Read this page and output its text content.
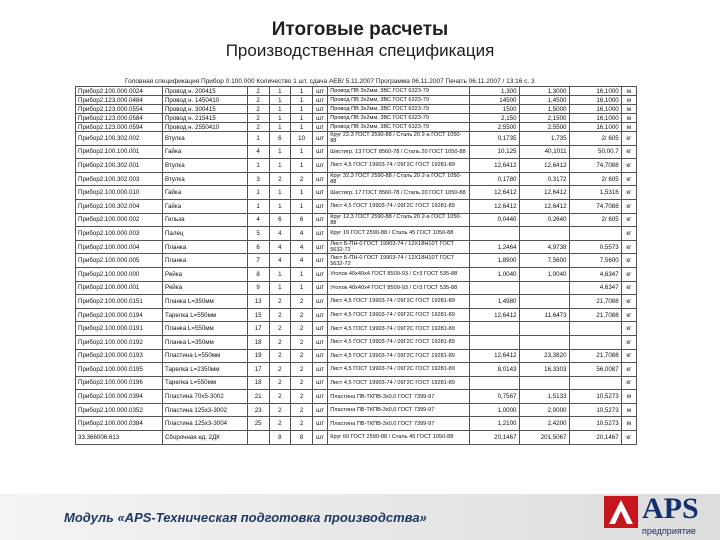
Итоговые расчеты
Производственная спецификация
Головная спецификация Прибор 0.100.000 Количество 1 шт. сдача АЕВ/ 5.11.2007 Программа 06.11.2007 Печать 06.11.2007 / 13:16 с. 3
Прибор2.100.000.0024	Провод н. 200415	2	1	1	шт	Провод ПВ 3х2мм, 3ВС ГОСТ 6323-79	1,300	1,3000	16,1000	м
Прибор2.123.000.0484	Провод н. 1450410	2	1	1	шт	Провод ПВ 3х2мм, 3ВС ГОСТ 6323-79	14500	1,4500	16,1000	м
Прибор2.123.000.0554	Провод н. 300415	2	1	1	шт	Провод ПВ 3х2мм, 3ВС ГОСТ 6323-79	1500	1,5000	16,1000	м
Прибор2.123.000.0584	Провод н. 215415	2	1	1	шт	Провод ПВ 3х2мм, 3ВС ГОСТ 6323-79	2,150	2,1500	16,1000	м
Прибор2.123.000.0594	Провод н. 2550410	2	1	1	шт	Провод ПВ 3х2мм, 3ВС ГОСТ 6323-79	2,5500	2,5500	16,1000	м
Прибор2.100.302.002	Втулка	1	6	10	шт	Круг 22.3 ГОСТ 2590-88 / Сталь 20 2-а ГОСТ 1050-88	0,1735	1,735	2/ 605	кг
Прибор2.100.100.001	Гайка	4	1	1	шт	Шестигр. 13 ГОСТ 8560-78 / Сталь 20 ГОСТ 1050-88	10,125	40,1011	50,00,7	кг
Прибор2.100.302.001	Втулка	1	1	1	шт	Лист 4,5 ГОСТ 19903-74 / 09Г2С ГОСТ 19281-89	12,6412	12,6412	74,7088	кг
Прибор2.100.302.003	Втулка	3	2	2	шт	Круг 32,3 ГОСТ 2590-88 / Сталь 20 2-а ГОСТ 1050-88	0,1780	0,3172	2/ 605	кг
Прибор2.100.000.010	Гайка	1	1	1	шт	Шестигр. 17 ГОСТ 8560-78 / Сталь 20 ГОСТ 1050-88	12,6412	12,6412	1,5316	кг
Прибор2.100.302.004	Гайка	1	1	1	шт	Лист 4,5 ГОСТ 19903-74 / 09Г2С ГОСТ 19281-89	12,6412	12,6412	74,7088	кг
Прибор2.100.000.002	Гильза	4	6	6	шт	Круг 12,3 ГОСТ 2590-88 / Сталь 20 2-а ГОСТ 1050-88	0,0440	0,2640	2/ 605	кг
Прибор2.100.000.003	Палец	5	4	4	шт	Круг 10 ГОСТ 2590-88 / Сталь 45 ГОСТ 1050-88				кг
Прибор2.100.000.004	Планка	6	4	4	шт	Лист Б-ПН-0 ГОСТ 19903-74 / 12Х18Н10Т ГОСТ 5632-72	1,2464	4,9738	0,5573	кг
Прибор2.100.000.005	Планка	7	4	4	шт	Лист Б-ПН-0 ГОСТ 19903-74 / 12Х18Н10Т ГОСТ 5632-72	1,8900	7,5600	7,5600	кг
Прибор2.100.000.000	Рейка	8	1	1	шт	Уголок 40х40х4 ГОСТ 8509-93 / Ст3 ГОСТ 535-88	1,0040	1,0040	4,6347	кг
Прибор2.100.000.001	Рейка	9	1	1	шт	Уголок 40х40х4 ГОСТ 8509-93 / Ст3 ГОСТ 535-88			4,6347	кг
Прибор2.100.000.0151	Планка L=350мм	13	2	2	шт	Лист 4,5 ГОСТ 19903-74 / 09Г2С ГОСТ 19281-89	1,4980		21,7088	кг
Прибор2.100.000.0194	Тарелка L=550мм	15	2	2	шт	Лист 4,5 ГОСТ 19903-74 / 09Г2С ГОСТ 19281-89	12,6412	11,6473	21,7088	кг
Прибор2.100.000.0191	Планка L=550мм	17	2	2	шт	Лист 4,5 ГОСТ 19903-74 / 09Г2С ГОСТ 19281-89				кг
Прибор2.100.000.0192	Планка L=350мм	18	2	2	шт	Лист 4,5 ГОСТ 19903-74 / 09Г2С ГОСТ 19281-89				кг
Прибор2.100.000.0193	Пластина L=550мм	19	2	2	шт	Лист 4,5 ГОСТ 19903-74 / 09Г2С ГОСТ 19281-89	12,6412	23,3820	21,7088	кг
Прибор2.100.000.0195	Тарелка L=2350мм	17	2	2	шт	Лист 4,5 ГОСТ 19903-74 / 09Г2С ГОСТ 19281-89	8,0143	16,3303	56,0087	кг
Прибор2.100.000.0196	Тарелка L=550мм	18	2	2	шт	Лист 4,5 ГОСТ 19903-74 / 09Г2С ГОСТ 19281-89				кг
Прибор2.100.000.0394	Пластина 70х5-3002	21	2	2	шт	Пластина ПВ-ТКПВ-3х0,0 ГОСТ 7399-97	0,7567	1,5133	10,5273	м
Прибор2.100.000.0352	Пластина 125х3-3002	23	2	2	шт	Пластина ПВ-ТКПВ-3х0,0 ГОСТ 7399-97	1,0000	2,0000	10,5273	м
Прибор2.100.000.0384	Пластина 125х3-3004	25	2	2	шт	Пластина ПВ-ТКПВ-3х0,0 ГОСТ 7399-97	1,2100	2,4200	10,5273	м
33.366006.613	Сборочная ед. 2ДК		8	8	шт	Круг 60 ГОСТ 2590-88 / Сталь 45 ГОСТ 1050-88	20,1467	201,5067	20,1467	кг
Модуль «APS-Техническая подготовка производства»	APS
предприятие
